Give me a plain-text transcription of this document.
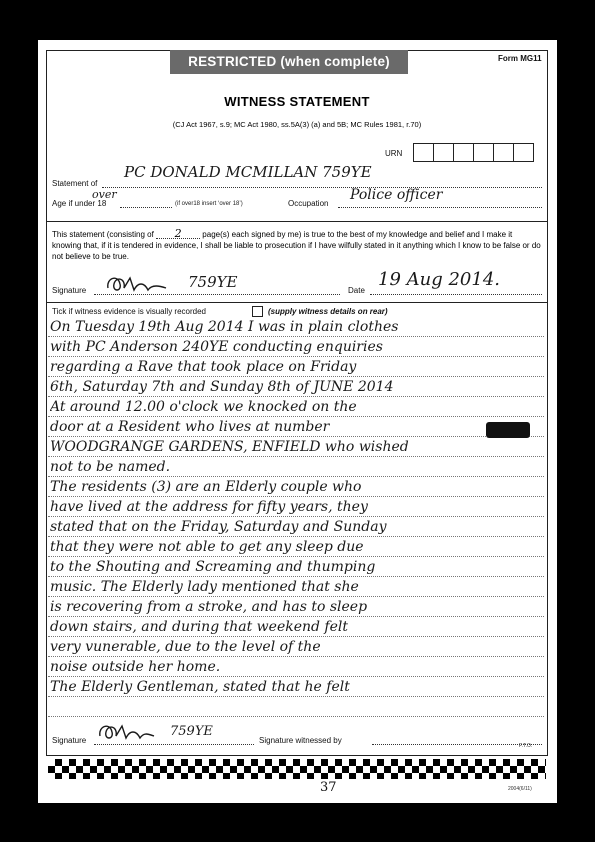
RESTRICTED (when complete)	Form MG11
WITNESS STATEMENT
(CJ Act 1967, s.9; MC Act 1980, ss.5A(3) (a) and 5B; MC Rules 1981, r.70)
URN
Statement of
PC DONALD MCMILLAN 759YE
Age if under 18
over
(if over18 insert ‘over 18’)	Occupation
Police officer
This statement (consisting of 2	page(s) each signed by me) is true to the best of my knowledge and belief and I make it knowing that, if it is tendered in evidence, I shall be liable to prosecution if I have wilfully stated in it anything which I know to be false or do not believe to be true.
Signature	759YE	Date
19 Aug 2014.
Tick if witness evidence is visually recorded	(supply witness details on rear)
On Tuesday 19th Aug 2014 I was in plain clothes
with PC Anderson 240YE conducting enquiries
regarding a Rave that took place on Friday
6th, Saturday 7th and Sunday 8th of JUNE 2014
At around 12.00 o'clock we knocked on the
door at a Resident who lives at number
WOODGRANGE GARDENS, ENFIELD who wished
not to be named.
The residents (3) are an Elderly couple who
have lived at the address for fifty years, they
stated that on the Friday, Saturday and Sunday
that they were not able to get any sleep due
to the Shouting and Screaming and thumping
music. The Elderly lady mentioned that she
is recovering from a stroke, and has to sleep
down stairs, and during that weekend felt
very vunerable, due to the level of the
noise outside her home.
The Elderly Gentleman, stated that he felt
Signature
759YE
Signature witnessed by
P.T.O.
37	2004(6/11)
